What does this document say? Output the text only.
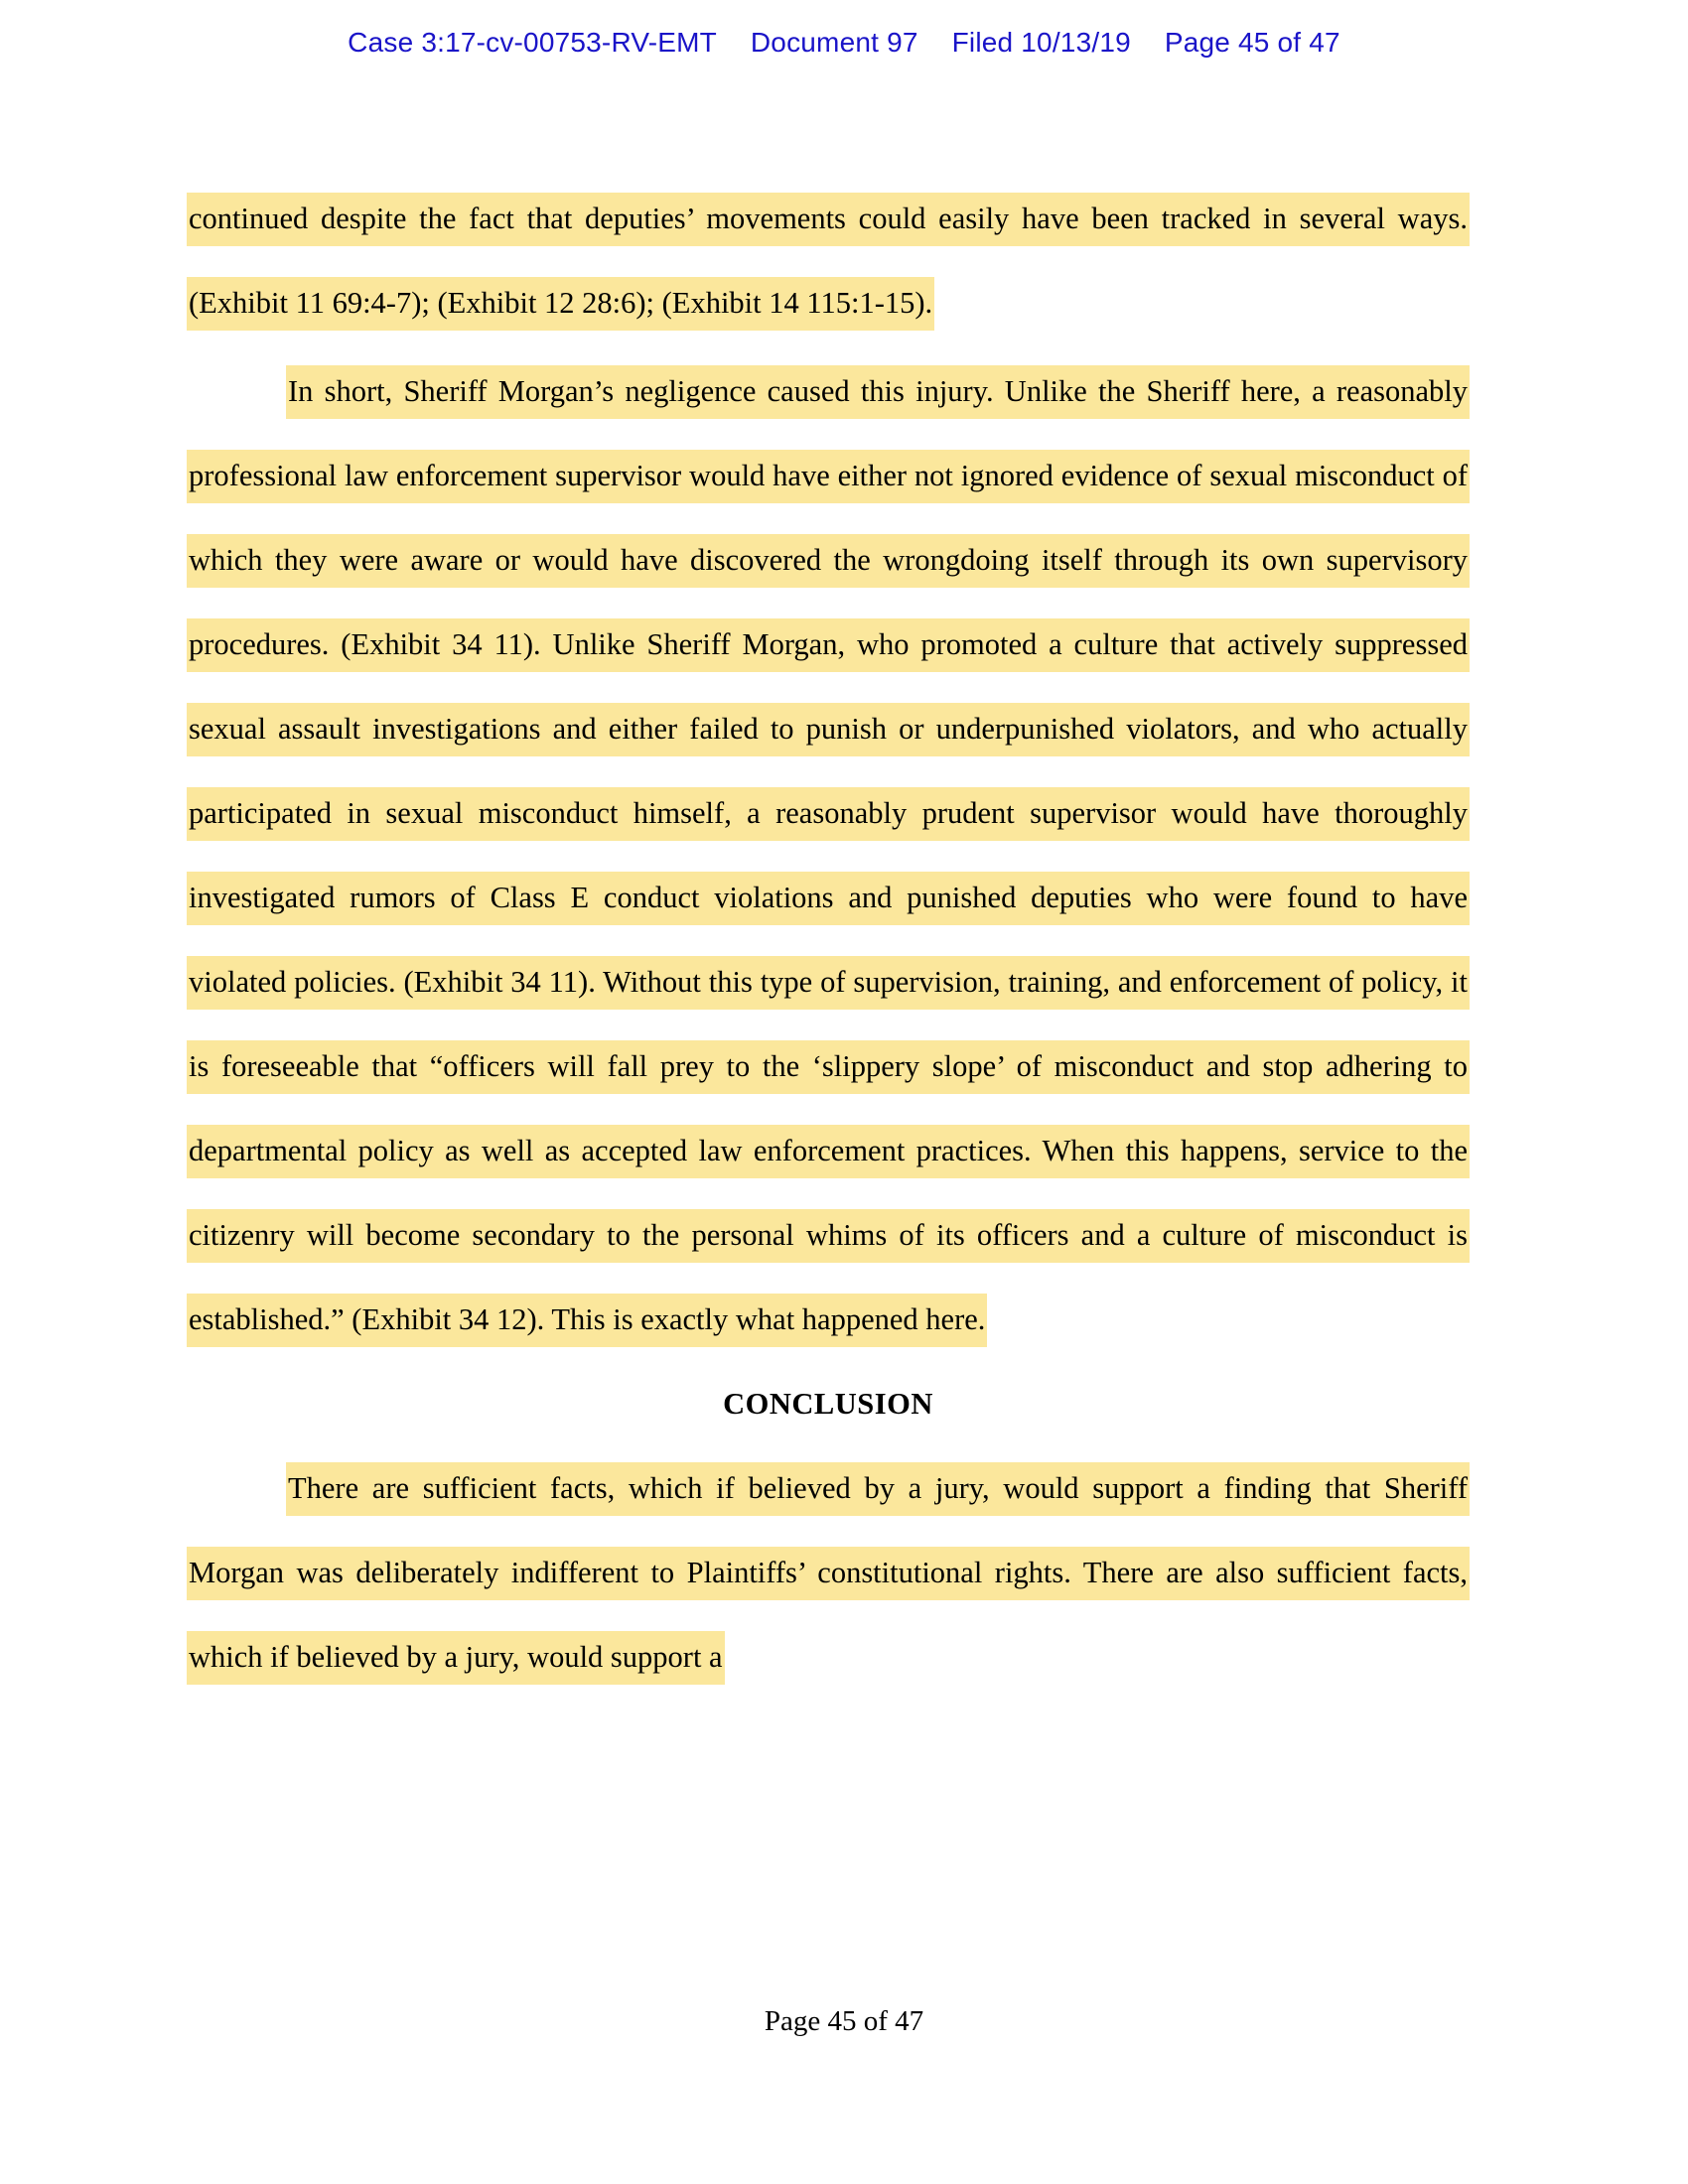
Case 3:17-cv-00753-RV-EMT Document 97 Filed 10/13/19 Page 45 of 47

continued despite the fact that deputies’ movements could easily have been tracked in several ways. (Exhibit 11 69:4-7); (Exhibit 12 28:6); (Exhibit 14 115:1-15).

In short, Sheriff Morgan’s negligence caused this injury. Unlike the Sheriff here, a reasonably professional law enforcement supervisor would have either not ignored evidence of sexual misconduct of which they were aware or would have discovered the wrongdoing itself through its own supervisory procedures. (Exhibit 34 11). Unlike Sheriff Morgan, who promoted a culture that actively suppressed sexual assault investigations and either failed to punish or underpunished violators, and who actually participated in sexual misconduct himself, a reasonably prudent supervisor would have thoroughly investigated rumors of Class E conduct violations and punished deputies who were found to have violated policies. (Exhibit 34 11). Without this type of supervision, training, and enforcement of policy, it is foreseeable that “officers will fall prey to the ‘slippery slope’ of misconduct and stop adhering to departmental policy as well as accepted law enforcement practices. When this happens, service to the citizenry will become secondary to the personal whims of its officers and a culture of misconduct is established.” (Exhibit 34 12). This is exactly what happened here.

CONCLUSION

There are sufficient facts, which if believed by a jury, would support a finding that Sheriff Morgan was deliberately indifferent to Plaintiffs’ constitutional rights. There are also sufficient facts, which if believed by a jury, would support a

Page 45 of 47
